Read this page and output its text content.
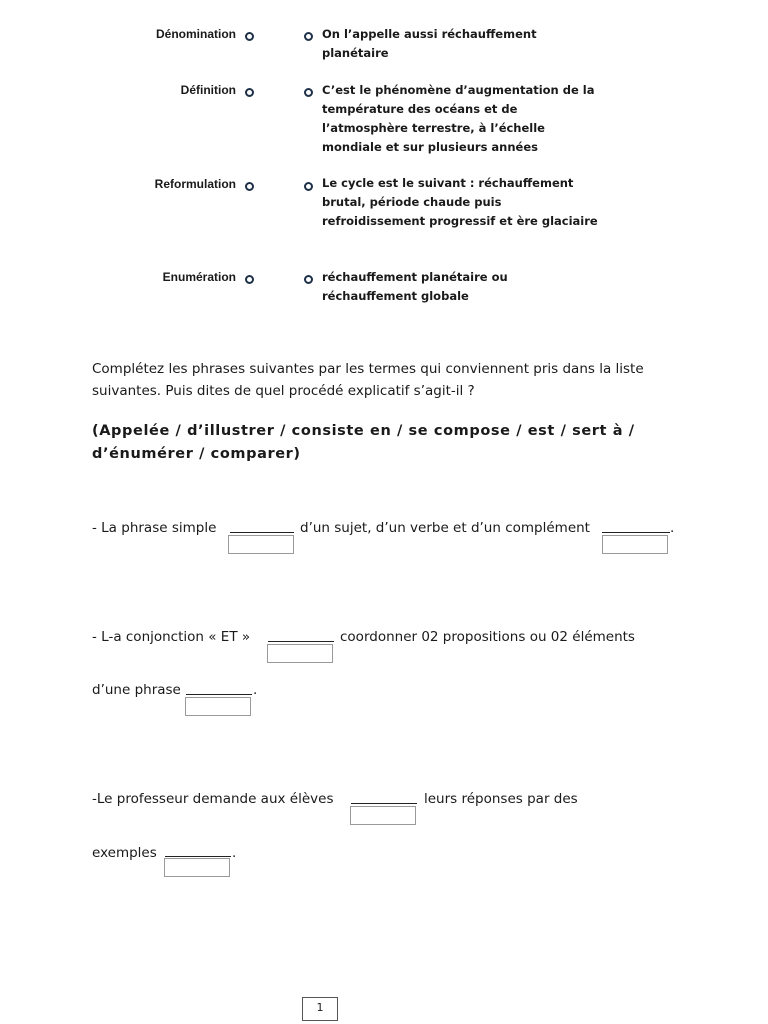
Dénomination	On l’appelle aussi réchauffement planétaire
Définition	C’est le phénomène d’augmentation de la température des océans et de l’atmosphère terrestre, à l’échelle mondiale et sur plusieurs années
Reformulation	Le cycle est le suivant : réchauffement brutal, période chaude puis refroidissement progressif et ère glaciaire
Enumération	réchauffement planétaire ou réchauffement globale
Complétez les phrases suivantes par les termes qui conviennent pris dans la liste suivantes. Puis dites de quel procédé explicatif s’agit-il ?
(Appelée / d’illustrer / consiste en / se compose / est / sert à / d’énumérer / comparer)
- La phrase simple	d’un sujet, d’un verbe et d’un complément	.
- L-a conjonction « ET »	coordonner 02 propositions ou 02 éléments
d’une phrase	.
-Le professeur demande aux élèves	leurs réponses par des
exemples	.
1
